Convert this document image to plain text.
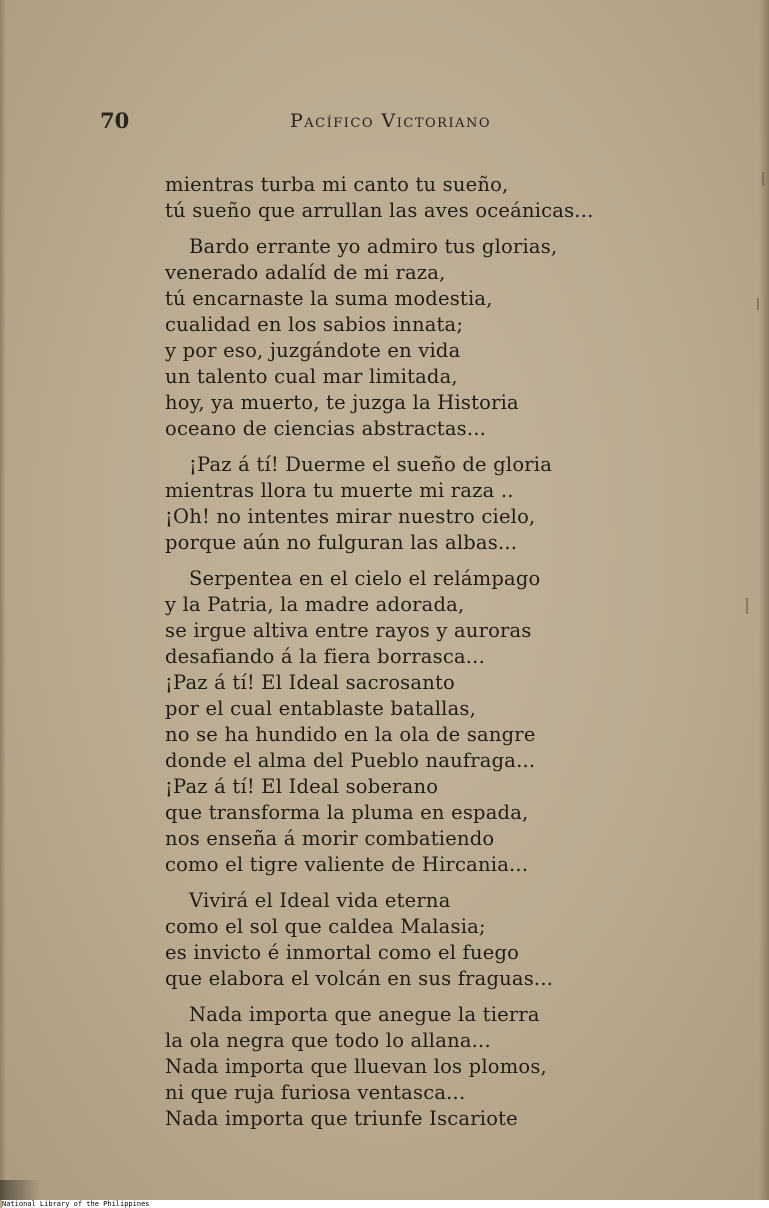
70	Pacífico Victoriano
mientras turba mi canto tu sueño,
tú sueño que arrullan las aves oceánicas...
Bardo errante yo admiro tus glorias,
venerado adalíd de mi raza,
tú encarnaste la suma modestia,
cualidad en los sabios innata;
y por eso, juzgándote en vida
un talento cual mar limitada,
hoy, ya muerto, te juzga la Historia
oceano de ciencias abstractas...
¡Paz á tí! Duerme el sueño de gloria
mientras llora tu muerte mi raza ..
¡Oh! no intentes mirar nuestro cielo,
porque aún no fulguran las albas...
Serpentea en el cielo el relámpago
y la Patria, la madre adorada,
se irgue altiva entre rayos y auroras
desafiando á la fiera borrasca...
¡Paz á tí! El Ideal sacrosanto
por el cual entablaste batallas,
no se ha hundido en la ola de sangre
donde el alma del Pueblo naufraga...
¡Paz á tí! El Ideal soberano
que transforma la pluma en espada,
nos enseña á morir combatiendo
como el tigre valiente de Hircania...
Vivirá el Ideal vida eterna
como el sol que caldea Malasia;
es invicto é inmortal como el fuego
que elabora el volcán en sus fraguas...
Nada importa que anegue la tierra
la ola negra que todo lo allana...
Nada importa que lluevan los plomos,
ni que ruja furiosa ventasca...
Nada importa que triunfe Iscariote
National Library of the Philippines
